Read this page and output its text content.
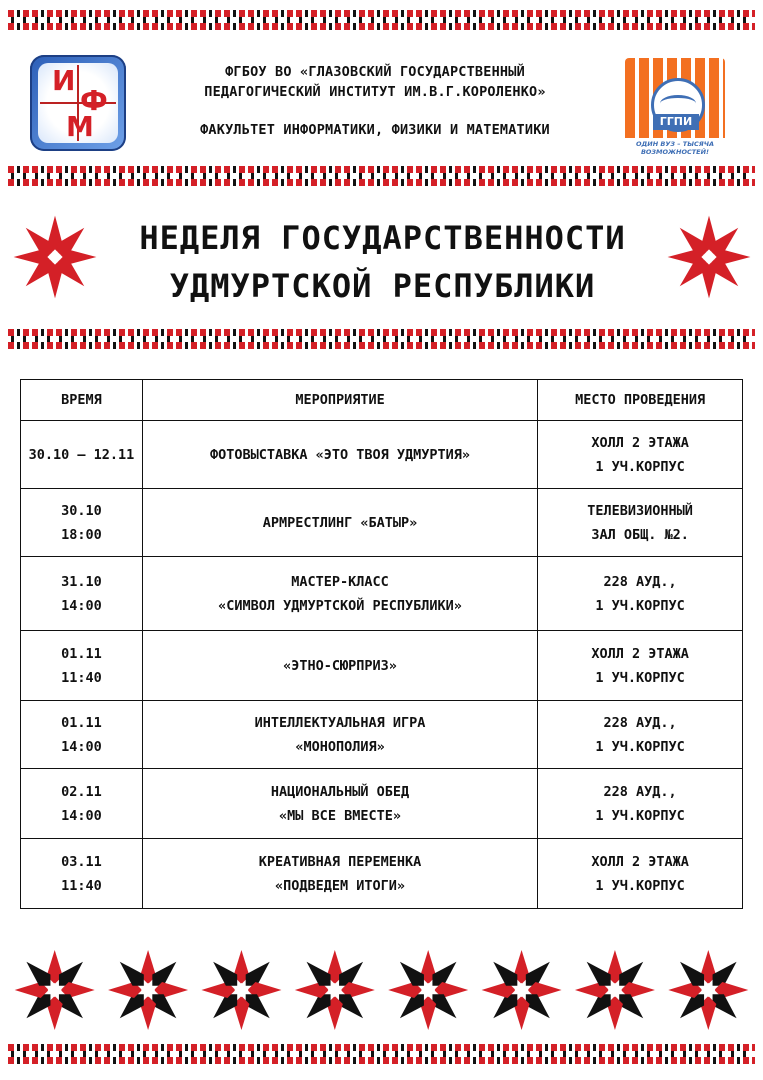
И
Ф
М
ФГБОУ ВО «ГЛАЗОВСКИЙ ГОСУДАРСТВЕННЫЙ
ПЕДАГОГИЧЕСКИЙ ИНСТИТУТ ИМ.В.Г.КОРОЛЕНКО»
ФАКУЛЬТЕТ ИНФОРМАТИКИ, ФИЗИКИ И МАТЕМАТИКИ
ГГПИ
ОДИН ВУЗ – ТЫСЯЧА ВОЗМОЖНОСТЕЙ!
НЕДЕЛЯ ГОСУДАРСТВЕННОСТИ
УДМУРТСКОЙ РЕСПУБЛИКИ
ВРЕМЯ	МЕРОПРИЯТИЕ	МЕСТО ПРОВЕДЕНИЯ

30.10 – 12.11	ФОТОВЫСТАВКА «ЭТО ТВОЯ УДМУРТИЯ»	ХОЛЛ 2 ЭТАЖА
1 УЧ.КОРПУС

30.10
18:00	АРМРЕСТЛИНГ «БАТЫР»	ТЕЛЕВИЗИОННЫЙ
ЗАЛ ОБЩ. №2.

31.10
14:00	МАСТЕР-КЛАСС
«СИМВОЛ УДМУРТСКОЙ РЕСПУБЛИКИ»	228 АУД.,
1 УЧ.КОРПУС

01.11
11:40	«ЭТНО-СЮРПРИЗ»	ХОЛЛ 2 ЭТАЖА
1 УЧ.КОРПУС

01.11
14:00	ИНТЕЛЛЕКТУАЛЬНАЯ ИГРА
«МОНОПОЛИЯ»	228 АУД.,
1 УЧ.КОРПУС

02.11
14:00	НАЦИОНАЛЬНЫЙ ОБЕД
«МЫ ВСЕ ВМЕСТЕ»	228 АУД.,
1 УЧ.КОРПУС

03.11
11:40	КРЕАТИВНАЯ ПЕРЕМЕНКА
«ПОДВЕДЕМ ИТОГИ»	ХОЛЛ 2 ЭТАЖА
1 УЧ.КОРПУС
